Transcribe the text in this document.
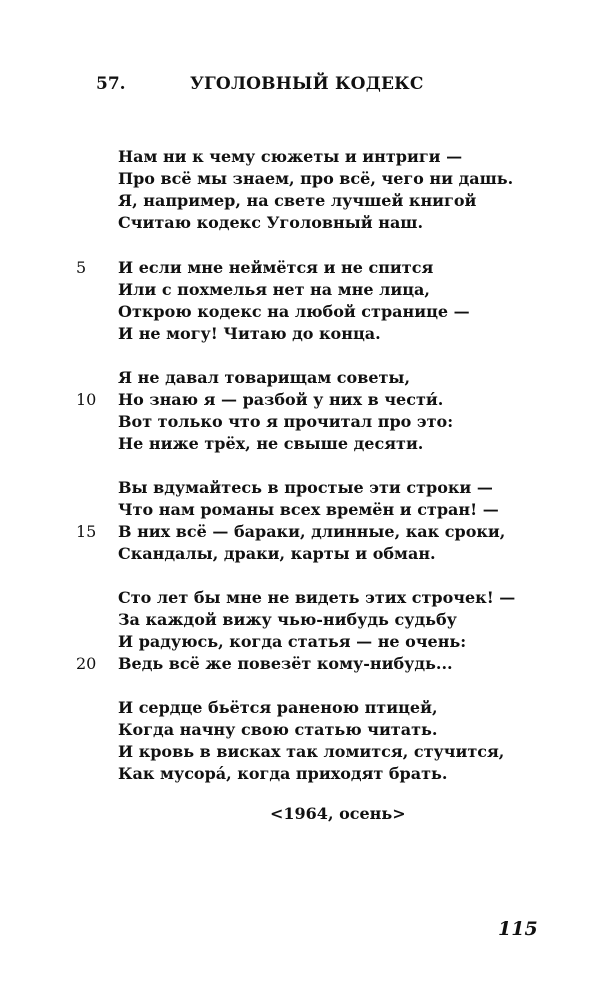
57.	УГОЛОВНЫЙ КОДЕКС
Нам ни к чему сюжеты и интриги —
Про всё мы знаем, про всё, чего ни дашь.
Я, например, на свете лучшей книгой
Считаю кодекс Уголовный наш.
5	И если мне неймётся и не спится
Или с похмелья нет на мне лица,
Открою кодекс на любой странице —
И не могу! Читаю до конца.
Я не давал товарищам советы,
10	Но знаю я — разбой у них в чести́.
Вот только что я прочитал про это:
Не ниже трёх, не свыше десяти.
Вы вдумайтесь в простые эти строки —
Что нам романы всех времён и стран! —
15	В них всё — бараки, длинные, как сроки,
Скандалы, драки, карты и обман.
Сто лет бы мне не видеть этих строчек! —
За каждой вижу чью-нибудь судьбу
И радуюсь, когда статья — не очень:
20	Ведь всё же повезёт кому-нибудь...
И сердце бьётся раненою птицей,
Когда начну свою статью читать.
И кровь в висках так ломится, стучится,
Как мусора́, когда приходят брать.
<1964, осень>
115
